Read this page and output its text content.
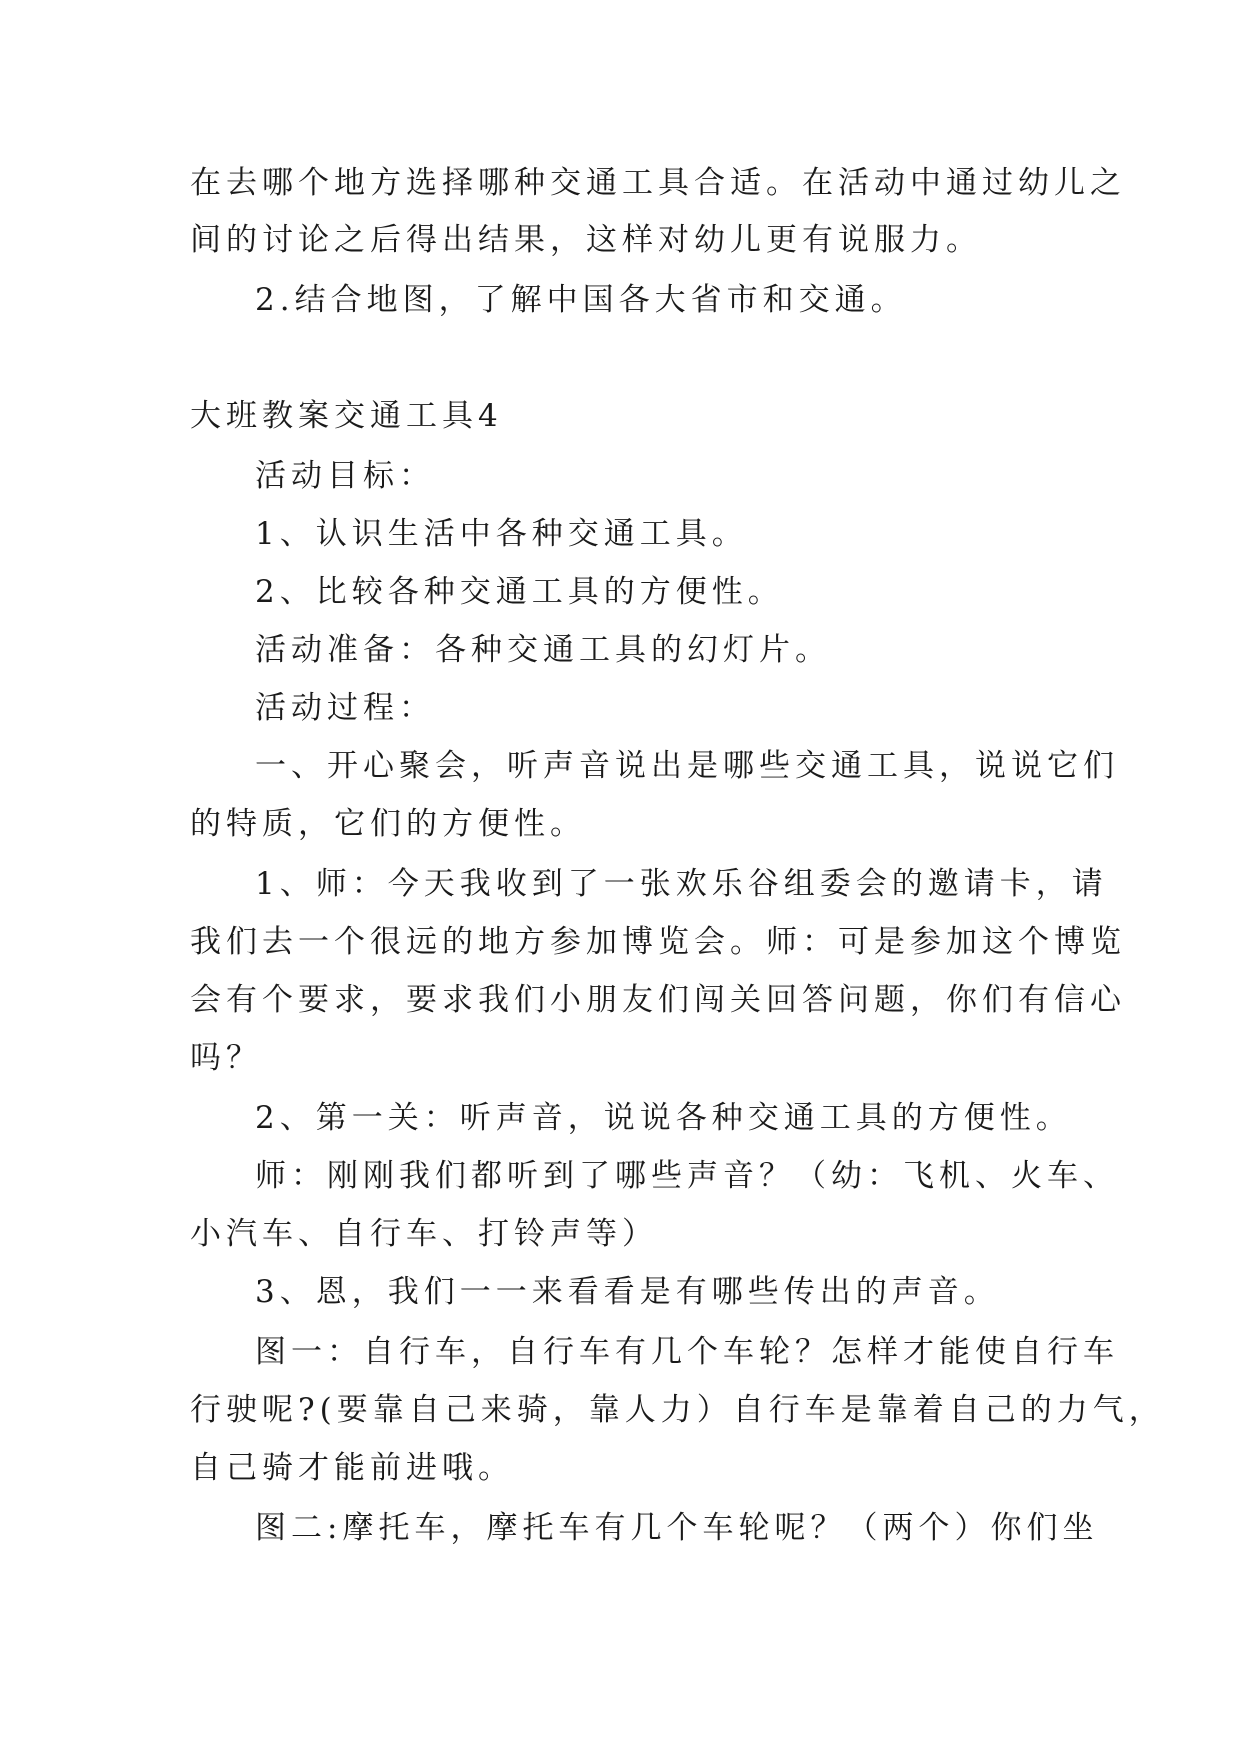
在去哪个地方选择哪种交通工具合适。在活动中通过幼儿之
间的讨论之后得出结果，这样对幼儿更有说服力。
2.结合地图，了解中国各大省市和交通。
大班教案交通工具4
活动目标：
1、认识生活中各种交通工具。
2、比较各种交通工具的方便性。
活动准备：各种交通工具的幻灯片。
活动过程：
一、开心聚会，听声音说出是哪些交通工具，说说它们
的特质，它们的方便性。
1、师：今天我收到了一张欢乐谷组委会的邀请卡，请
我们去一个很远的地方参加博览会。师：可是参加这个博览
会有个要求，要求我们小朋友们闯关回答问题，你们有信心
吗？
2、第一关：听声音，说说各种交通工具的方便性。
师：刚刚我们都听到了哪些声音？（幼：飞机、火车、
小汽车、自行车、打铃声等）
3、恩，我们一一来看看是有哪些传出的声音。
图一：自行车，自行车有几个车轮？怎样才能使自行车
行驶呢?(要靠自己来骑，靠人力）自行车是靠着自己的力气，
自己骑才能前进哦。
图二:摩托车，摩托车有几个车轮呢？（两个）你们坐
